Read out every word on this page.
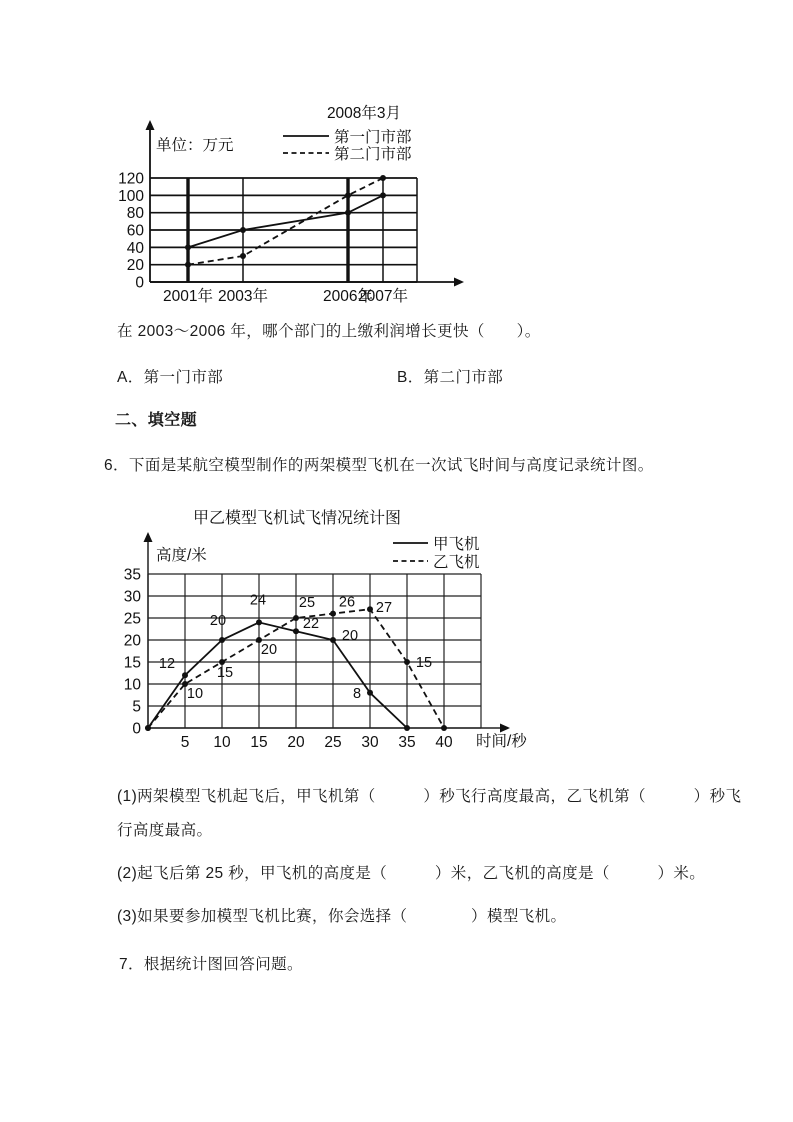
0
20
40
60
80
100
120
2001年 2003年	2006年
2007年
2008年3月
单位：万元	第一门市部
第二门市部
在 2003～2006 年，哪个部门的上缴利润增长更快（　　）。
A．第一门市部	B．第二门市部
二、填空题
6．下面是某航空模型制作的两架模型飞机在一次试飞时间与高度记录统计图。
0
5
10
15
20
25
30
35
5 10 15 20 25 30 35 40
甲乙模型飞机试飞情况统计图
高度/米
时间/秒
甲飞机
乙飞机
12
20
24
22
20
8
10
15
20
25 26 27
15
(1)两架模型飞机起飞后，甲飞机第（　　　）秒飞行高度最高，乙飞机第（　　　）秒飞
行高度最高。
(2)起飞后第 25 秒，甲飞机的高度是（　　　）米，乙飞机的高度是（　　　）米。
(3)如果要参加模型飞机比赛，你会选择（　　　　）模型飞机。
7．根据统计图回答问题。
